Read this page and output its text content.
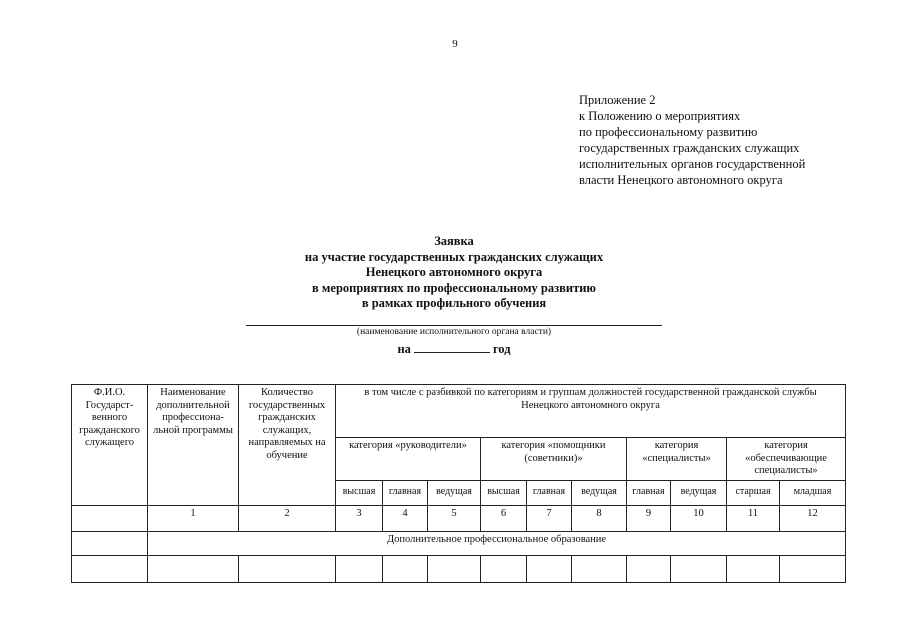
9
Приложение 2
к Положению о мероприятиях
по профессиональному развитию
государственных гражданских служащих
исполнительных органов государственной
власти Ненецкого автономного округа
Заявка
на участие государственных гражданских служащих
Ненецкого автономного округа
в мероприятиях по профессиональному развитию
в рамках профильного обучения
(наименование исполнительного органа власти)
на	год
Ф.И.О. Государст-венного гражданского служащего	Наименование дополнительной профессиона-льной программы	Количество государственных гражданских служащих, направляемых на обучение	в том числе с разбивкой по категориям и группам должностей государственной гражданской службы
Ненецкого автономного округа									

			категория «руководители»			категория «помощники (советники)»			категория «специалисты»		категория «обеспечивающие специалисты»	
			высшая	главная	ведущая	высшая	главная	ведущая	главная	ведущая	старшая	младшая
	1	2	3	4	5	6	7	8	9	10	11	12
	Дополнительное профессиональное образование											
